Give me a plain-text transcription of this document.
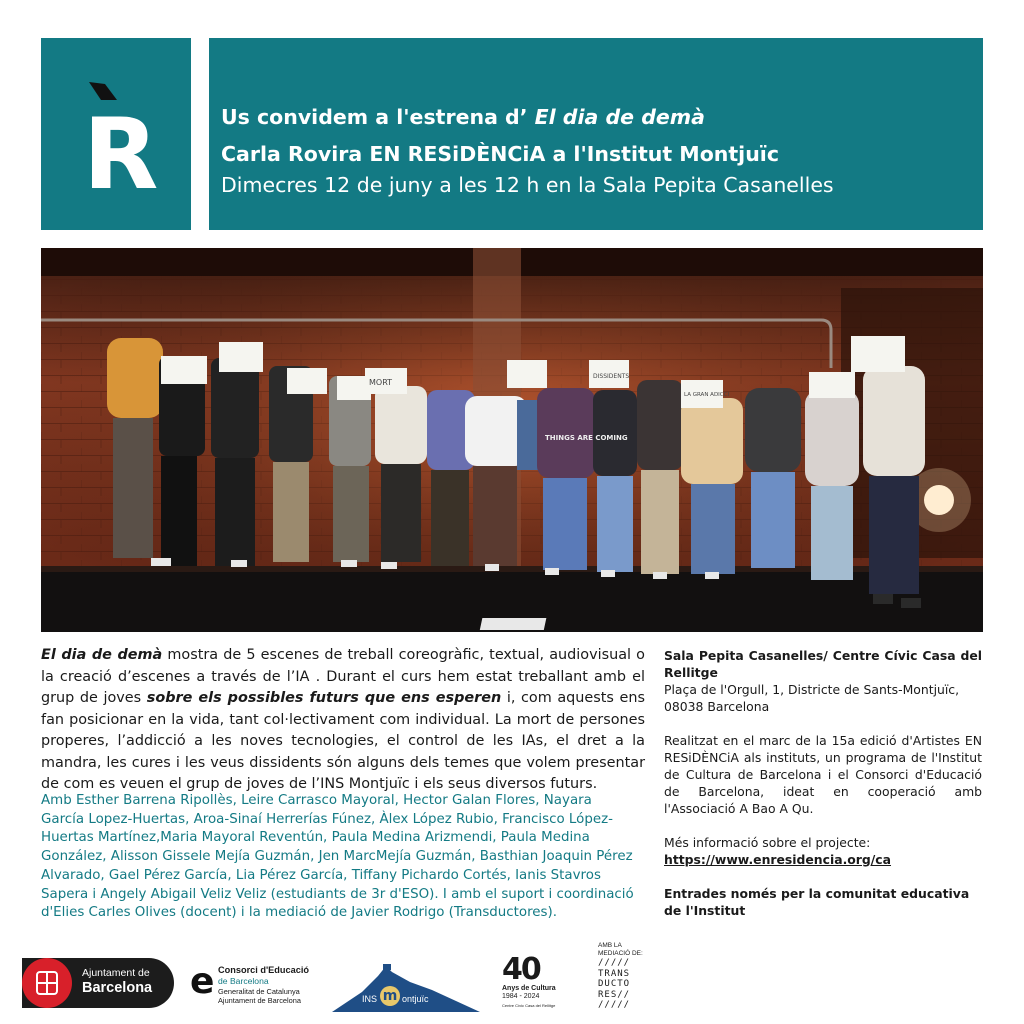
R	Us convidem a l'estrena d’ El dia de demà
Carla Rovira EN RESiDÈNCiA a l'Institut Montjuïc
Dimecres 12 de juny a les 12 h en la Sala Pepita Casanelles
MORT
DISSIDENTS
LA GRAN ADICCI
THINGS ARE COMING
El dia de demà mostra de 5 escenes de treball coreogràfic, textual, audiovisual o la creació d’escenes a través de l’IA . Durant el curs hem estat treballant amb el grup de joves sobre els possibles futurs que ens esperen i, com aquests ens fan posicionar en la vida, tant col·lectivament com individual. La mort de persones properes, l’addicció a les noves tecnologies, el control de les IAs, el dret a la mandra, les cures i les veus dissidents són alguns dels temes que volem presentar de com es veuen el grup de joves de l’INS Montjuïc i els seus diversos futurs.
Amb Esther Barrena Ripollès, Leire Carrasco Mayoral, Hector Galan Flores, Nayara García Lopez-Huertas, Aroa-Sinaí Herrerías Fúnez, Àlex López Rubio, Francisco López-Huertas Martínez,Maria Mayoral Reventún, Paula Medina Arizmendi, Paula Medina González, Alisson Gissele Mejía Guzmán, Jen MarcMejía Guzmán, Basthian Joaquin Pérez Alvarado, Gael Pérez García, Lia Pérez García, Tiffany Pichardo Cortés, Ianis Stavros Sapera i Angely Abigail Veliz Veliz (estudiants de 3r d'ESO). I amb el suport i coordinació d'Elies Carles Olives (docent) i la mediació de Javier Rodrigo (Transductores).

Sala Pepita Casanelles/ Centre Cívic Casa del Rellitge

Plaça de l'Orgull, 1, Districte de Sants-Montjuïc, 08038 Barcelona

Realitzat en el marc de la 15a edició d'Artistes EN RESiDÈNCiA als instituts, un programa de l'Institut de Cultura de Barcelona i el Consorci d'Educació de Barcelona, ideat en cooperació amb l'Associació A Bao A Qu.

Més informació sobre el projecte:

https://www.enresidencia.org/ca

Entrades només per la comunitat educativa de l'Institut

Ajuntament de
Barcelona e Consorci d'Educació
de Barcelona
Generalitat de Catalunya
Ajuntament de Barcelona	INS m ontjuïc
40
Anys de Cultura
1984 - 2024
Centre Cívic Casa del Rellitge
AMB LA
MEDIACIÓ DE:
/////
TRANS
DUCTO
RES//
/////
